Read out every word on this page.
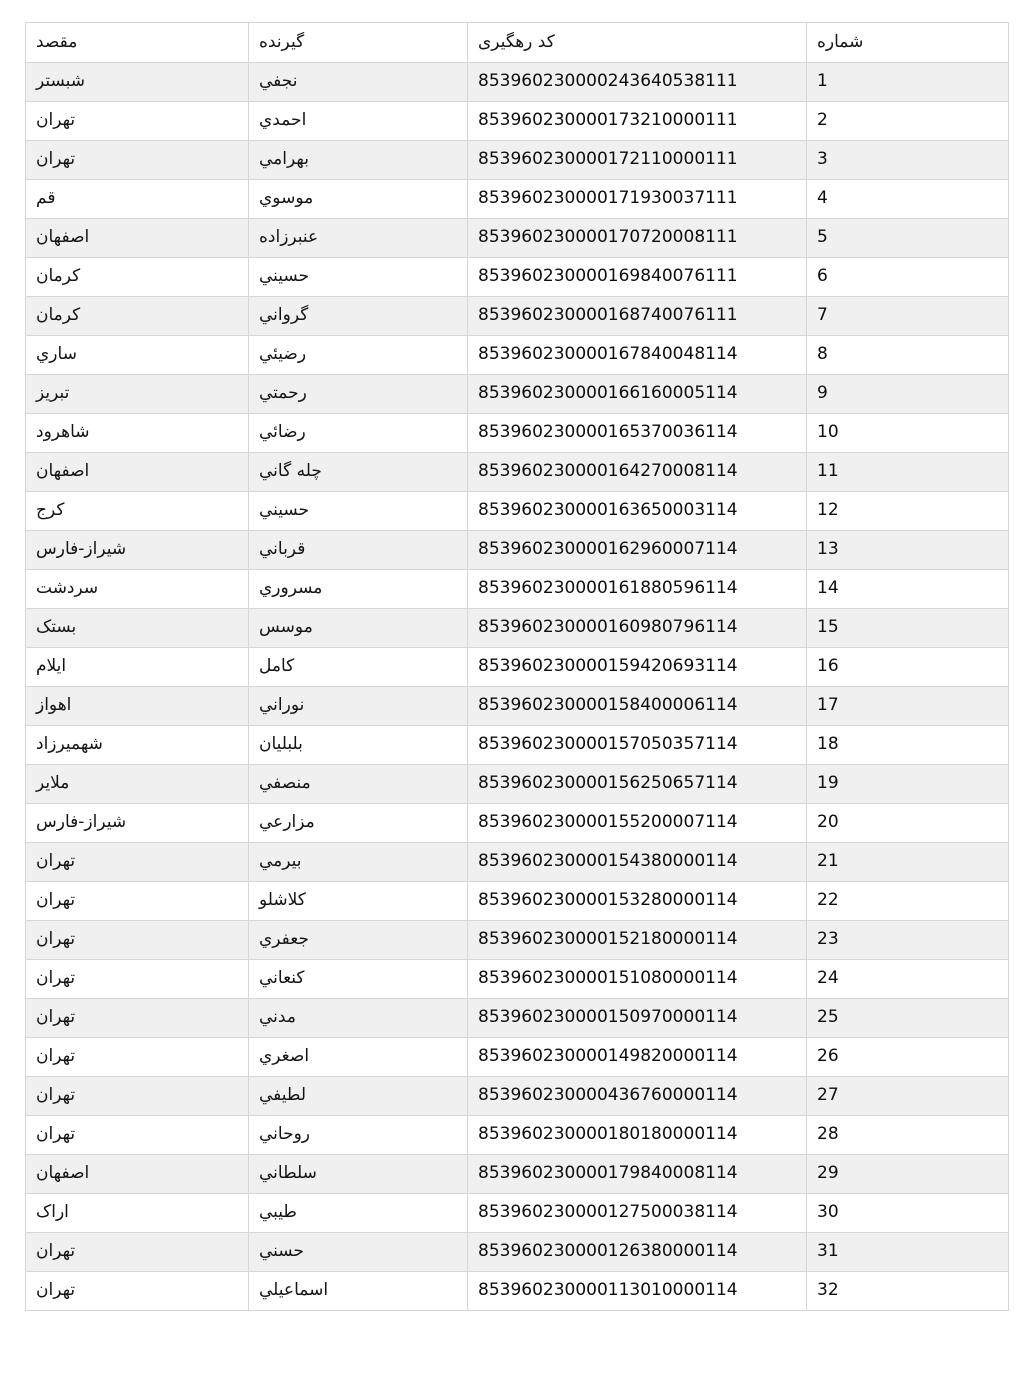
شماره	کد رهگیری	گیرنده	مقصد
1	853960230000243640538111	نجفي	شبستر
2	853960230000173210000111	احمدي	تهران
3	853960230000172110000111	بهرامي	تهران
4	853960230000171930037111	موسوي	قم
5	853960230000170720008111	عنبرزاده	اصفهان
6	853960230000169840076111	حسيني	كرمان
7	853960230000168740076111	گرواني	كرمان
8	853960230000167840048114	رضيئي	ساري
9	853960230000166160005114	رحمتي	تبريز
10	853960230000165370036114	رضائي	شاهرود
11	853960230000164270008114	چله گاني	اصفهان
12	853960230000163650003114	حسيني	كرج
13	853960230000162960007114	قرباني	شيراز-فارس
14	853960230000161880596114	مسروري	سردشت
15	853960230000160980796114	موسس	بستک
16	853960230000159420693114	كامل	ايلام
17	853960230000158400006114	نوراني	اهواز
18	853960230000157050357114	بلبليان	شهميرزاد
19	853960230000156250657114	منصفي	ملاير
20	853960230000155200007114	مزارعي	شيراز-فارس
21	853960230000154380000114	بيرمي	تهران
22	853960230000153280000114	كلاشلو	تهران
23	853960230000152180000114	جعفري	تهران
24	853960230000151080000114	كنعاني	تهران
25	853960230000150970000114	مدني	تهران
26	853960230000149820000114	اصغري	تهران
27	853960230000436760000114	لطيفي	تهران
28	853960230000180180000114	روحاني	تهران
29	853960230000179840008114	سلطاني	اصفهان
30	853960230000127500038114	طيبي	اراک
31	853960230000126380000114	حسني	تهران
32	853960230000113010000114	اسماعيلي	تهران
